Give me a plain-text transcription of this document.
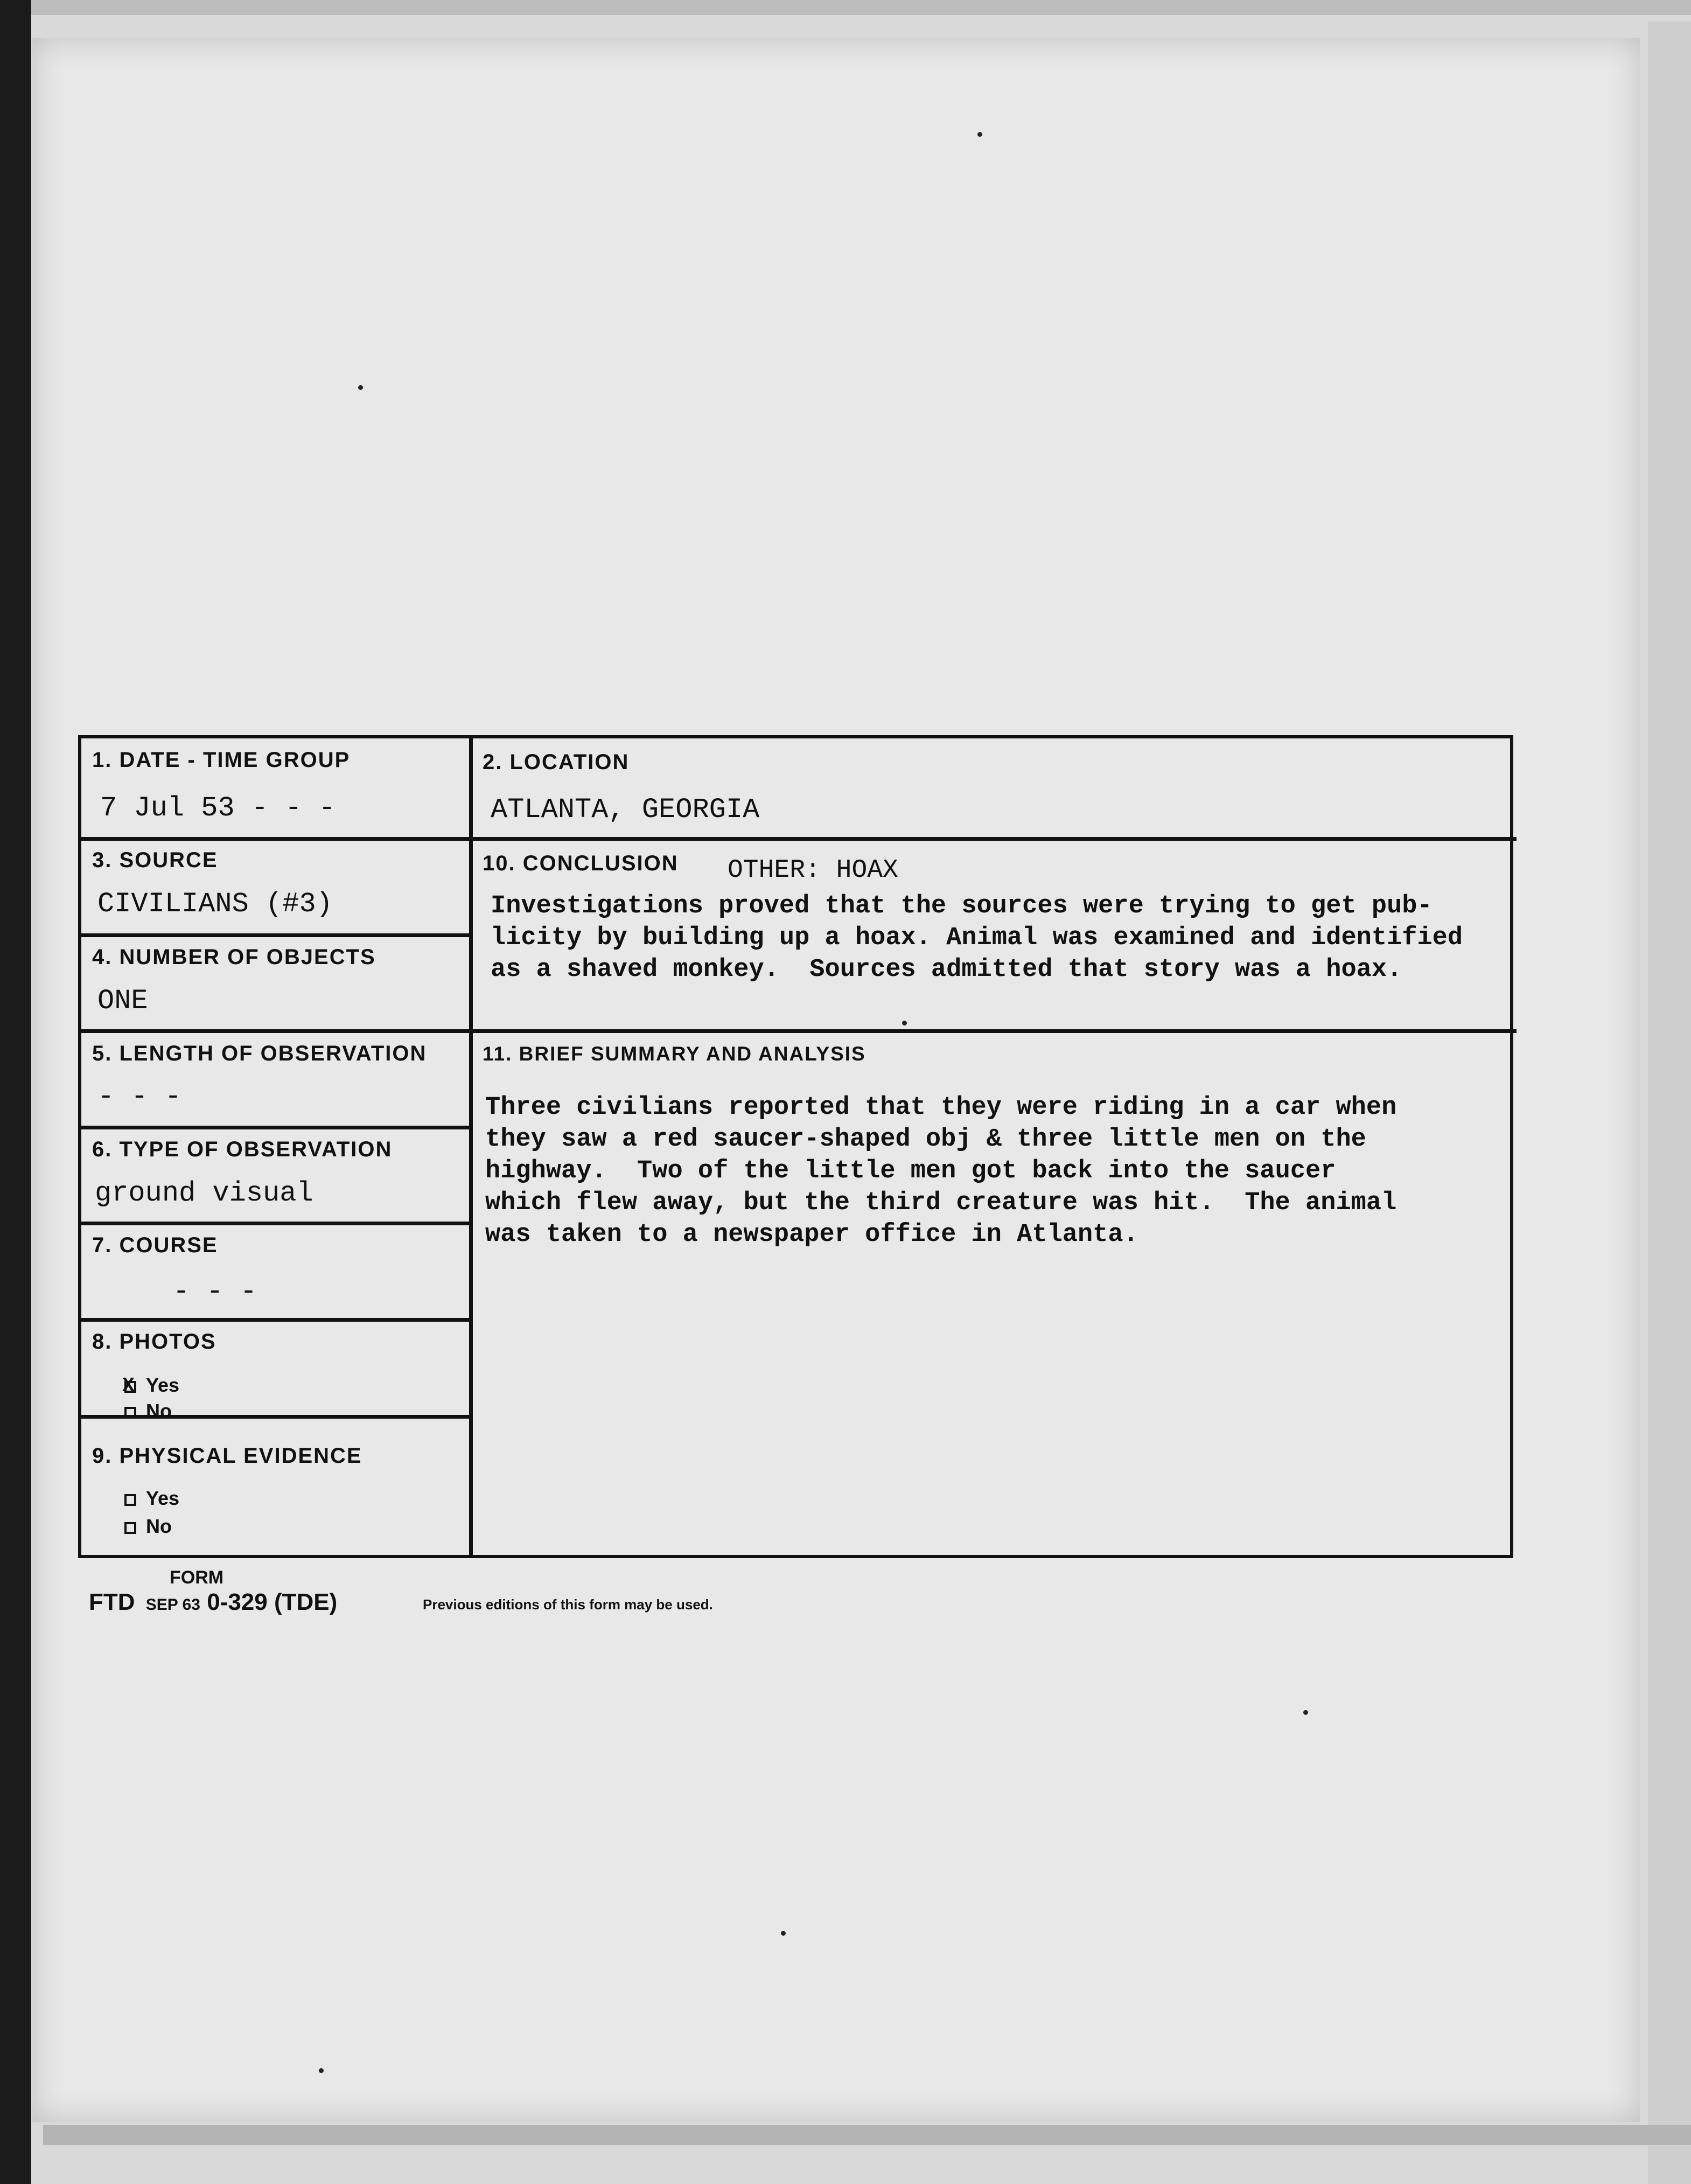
1. DATE - TIME GROUP
7 Jul 53 - - -
2. LOCATION
ATLANTA, GEORGIA
3. SOURCE
CIVILIANS (#3)
4. NUMBER OF OBJECTS
ONE
5. LENGTH OF OBSERVATION
- - -
6. TYPE OF OBSERVATION
ground visual
7. COURSE
- - -
8. PHOTOS
XYes
No
9. PHYSICAL EVIDENCE
Yes
No
10. CONCLUSION OTHER: HOAX
Investigations proved that the sources were trying to get pub-
licity by building up a hoax. Animal was examined and identified
as a shaved monkey.  Sources admitted that story was a hoax.
11. BRIEF SUMMARY AND ANALYSIS
Three civilians reported that they were riding in a car when
they saw a red saucer-shaped obj & three little men on the
highway.  Two of the little men got back into the saucer
which flew away, but the third creature was hit.  The animal
was taken to a newspaper office in Atlanta.
FORM
FTD SEP 63 0-329 (TDE)	Previous editions of this form may be used.
